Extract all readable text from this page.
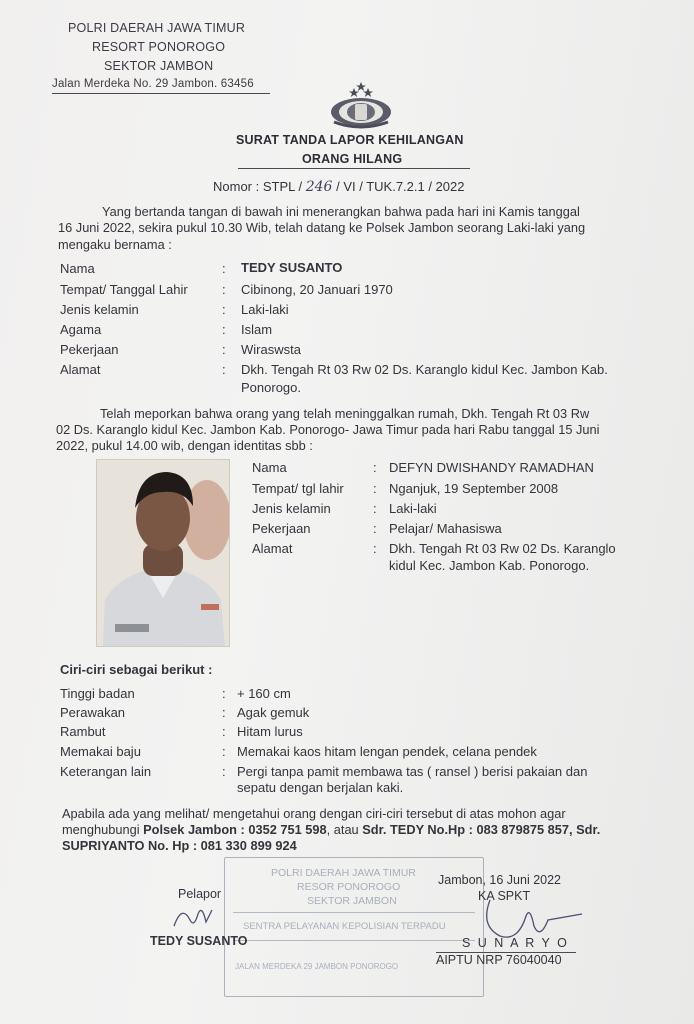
POLRI DAERAH JAWA TIMUR
RESORT PONOROGO
SEKTOR JAMBON
Jalan Merdeka No. 29 Jambon. 63456
SURAT TANDA LAPOR KEHILANGAN
ORANG HILANG
Nomor : STPL / 246 / VI / TUK.7.2.1 / 2022
Yang bertanda tangan di bawah ini menerangkan bahwa pada hari ini Kamis tanggal
16 Juni 2022, sekira pukul 10.30 Wib, telah datang ke Polsek Jambon seorang Laki-laki yang
mengaku bernama :
Nama	: TEDY SUSANTO
Tempat/ Tanggal Lahir	: Cibinong, 20 Januari 1970
Jenis kelamin	: Laki-laki
Agama	: Islam
Pekerjaan	: Wiraswsta
Alamat	: Dkh. Tengah Rt 03 Rw 02 Ds. Karanglo kidul Kec. Jambon Kab.
Ponorogo.
Telah meporkan bahwa orang yang telah meninggalkan rumah, Dkh. Tengah Rt 03 Rw
02 Ds. Karanglo kidul Kec. Jambon Kab. Ponorogo- Jawa Timur pada hari Rabu tanggal 15 Juni
2022, pukul 14.00 wib, dengan identitas sbb :
Nama	: DEFYN DWISHANDY RAMADHAN
Tempat/ tgl lahir : Nganjuk, 19 September 2008
Jenis kelamin	: Laki-laki
Pekerjaan	: Pelajar/ Mahasiswa
Alamat	: Dkh. Tengah Rt 03 Rw 02 Ds. Karanglo
kidul Kec. Jambon Kab. Ponorogo.
Ciri-ciri sebagai berikut :
Tinggi badan	: + 160 cm
Perawakan	: Agak gemuk
Rambut	: Hitam lurus
Memakai baju	: Memakai kaos hitam lengan pendek, celana pendek
Keterangan lain	: Pergi tanpa pamit membawa tas ( ransel ) berisi pakaian dan
sepatu dengan berjalan kaki.
Apabila ada yang melihat/ mengetahui orang dengan ciri-ciri tersebut di atas mohon agar
menghubungi Polsek Jambon : 0352 751 598, atau Sdr. TEDY No.Hp : 083 879875 857, Sdr.
SUPRIYANTO No. Hp : 081 330 899 924
POLRI DAERAH JAWA TIMUR
RESOR PONOROGO
SEKTOR JAMBON
SENTRA PELAYANAN KEPOLISIAN TERPADU
JALAN MERDEKA 29 JAMBON PONOROGO
Pelapor
TEDY SUSANTO
Jambon, 16 Juni 2022
KA SPKT
S U N A R Y O
AIPTU NRP 76040040
